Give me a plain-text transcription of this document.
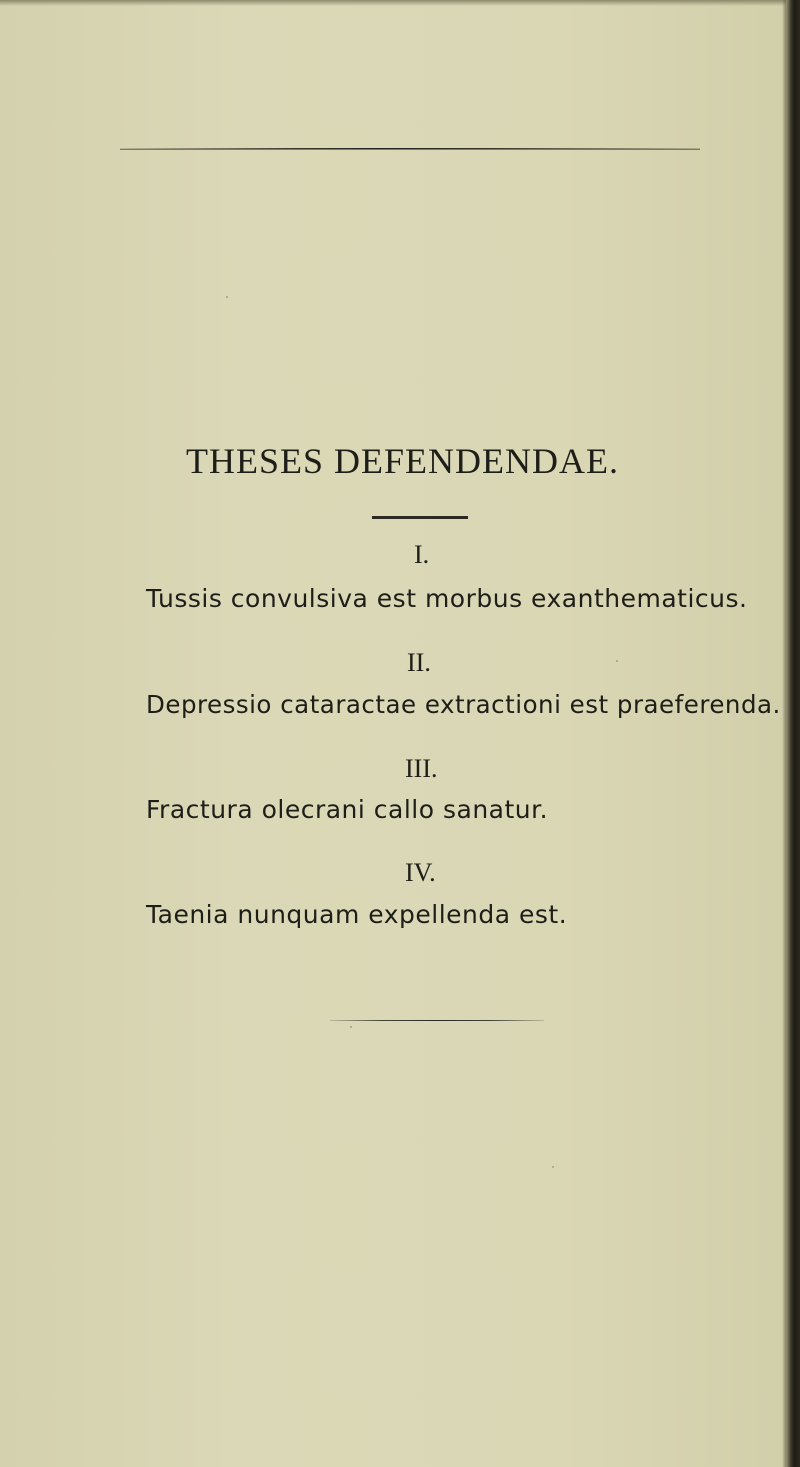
THESES DEFENDENDAE.
I.
Tussis convulsiva est morbus exanthematicus.
II.
Depressio cataractae extractioni est praeferenda.
III.
Fractura olecrani callo sanatur.
IV.
Taenia nunquam expellenda est.
